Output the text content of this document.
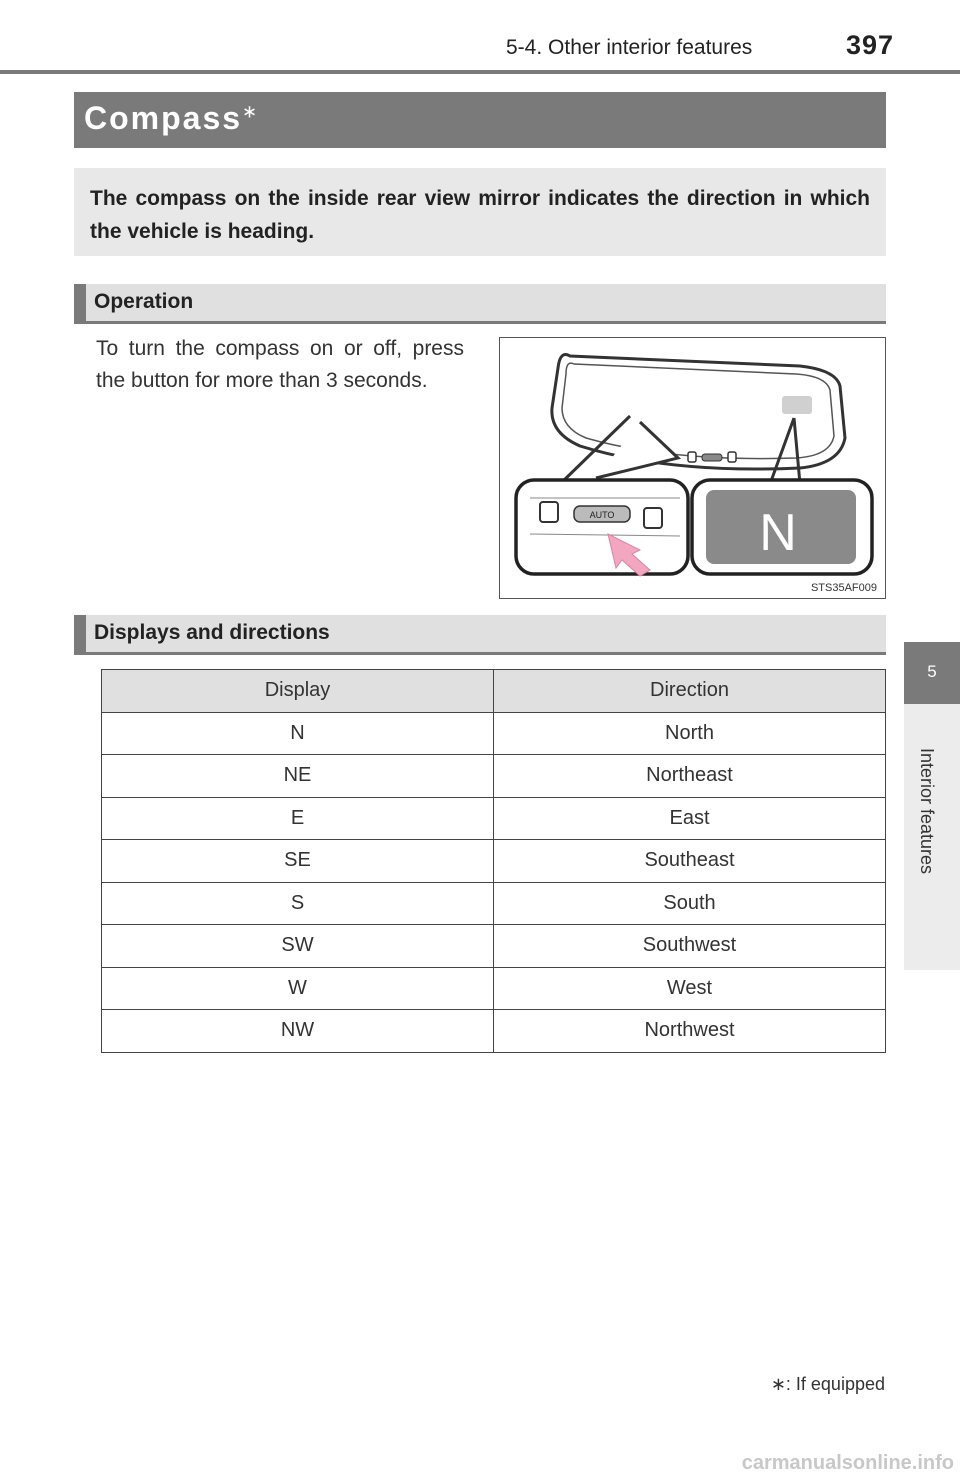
5-4. Other interior features	397
5
Interior features
Compass∗
The compass on the inside rear view mirror indicates the direction in which the vehicle is heading.
Operation
To turn the compass on or off, press the button for more than 3 seconds.
AUTO	N
STS35AF009
Displays and directions
Display	Direction
N	North
NE	Northeast
E	East
SE	Southeast
S	South
SW	Southwest
W	West
NW	Northwest
∗: If equipped
carmanualsonline.info
